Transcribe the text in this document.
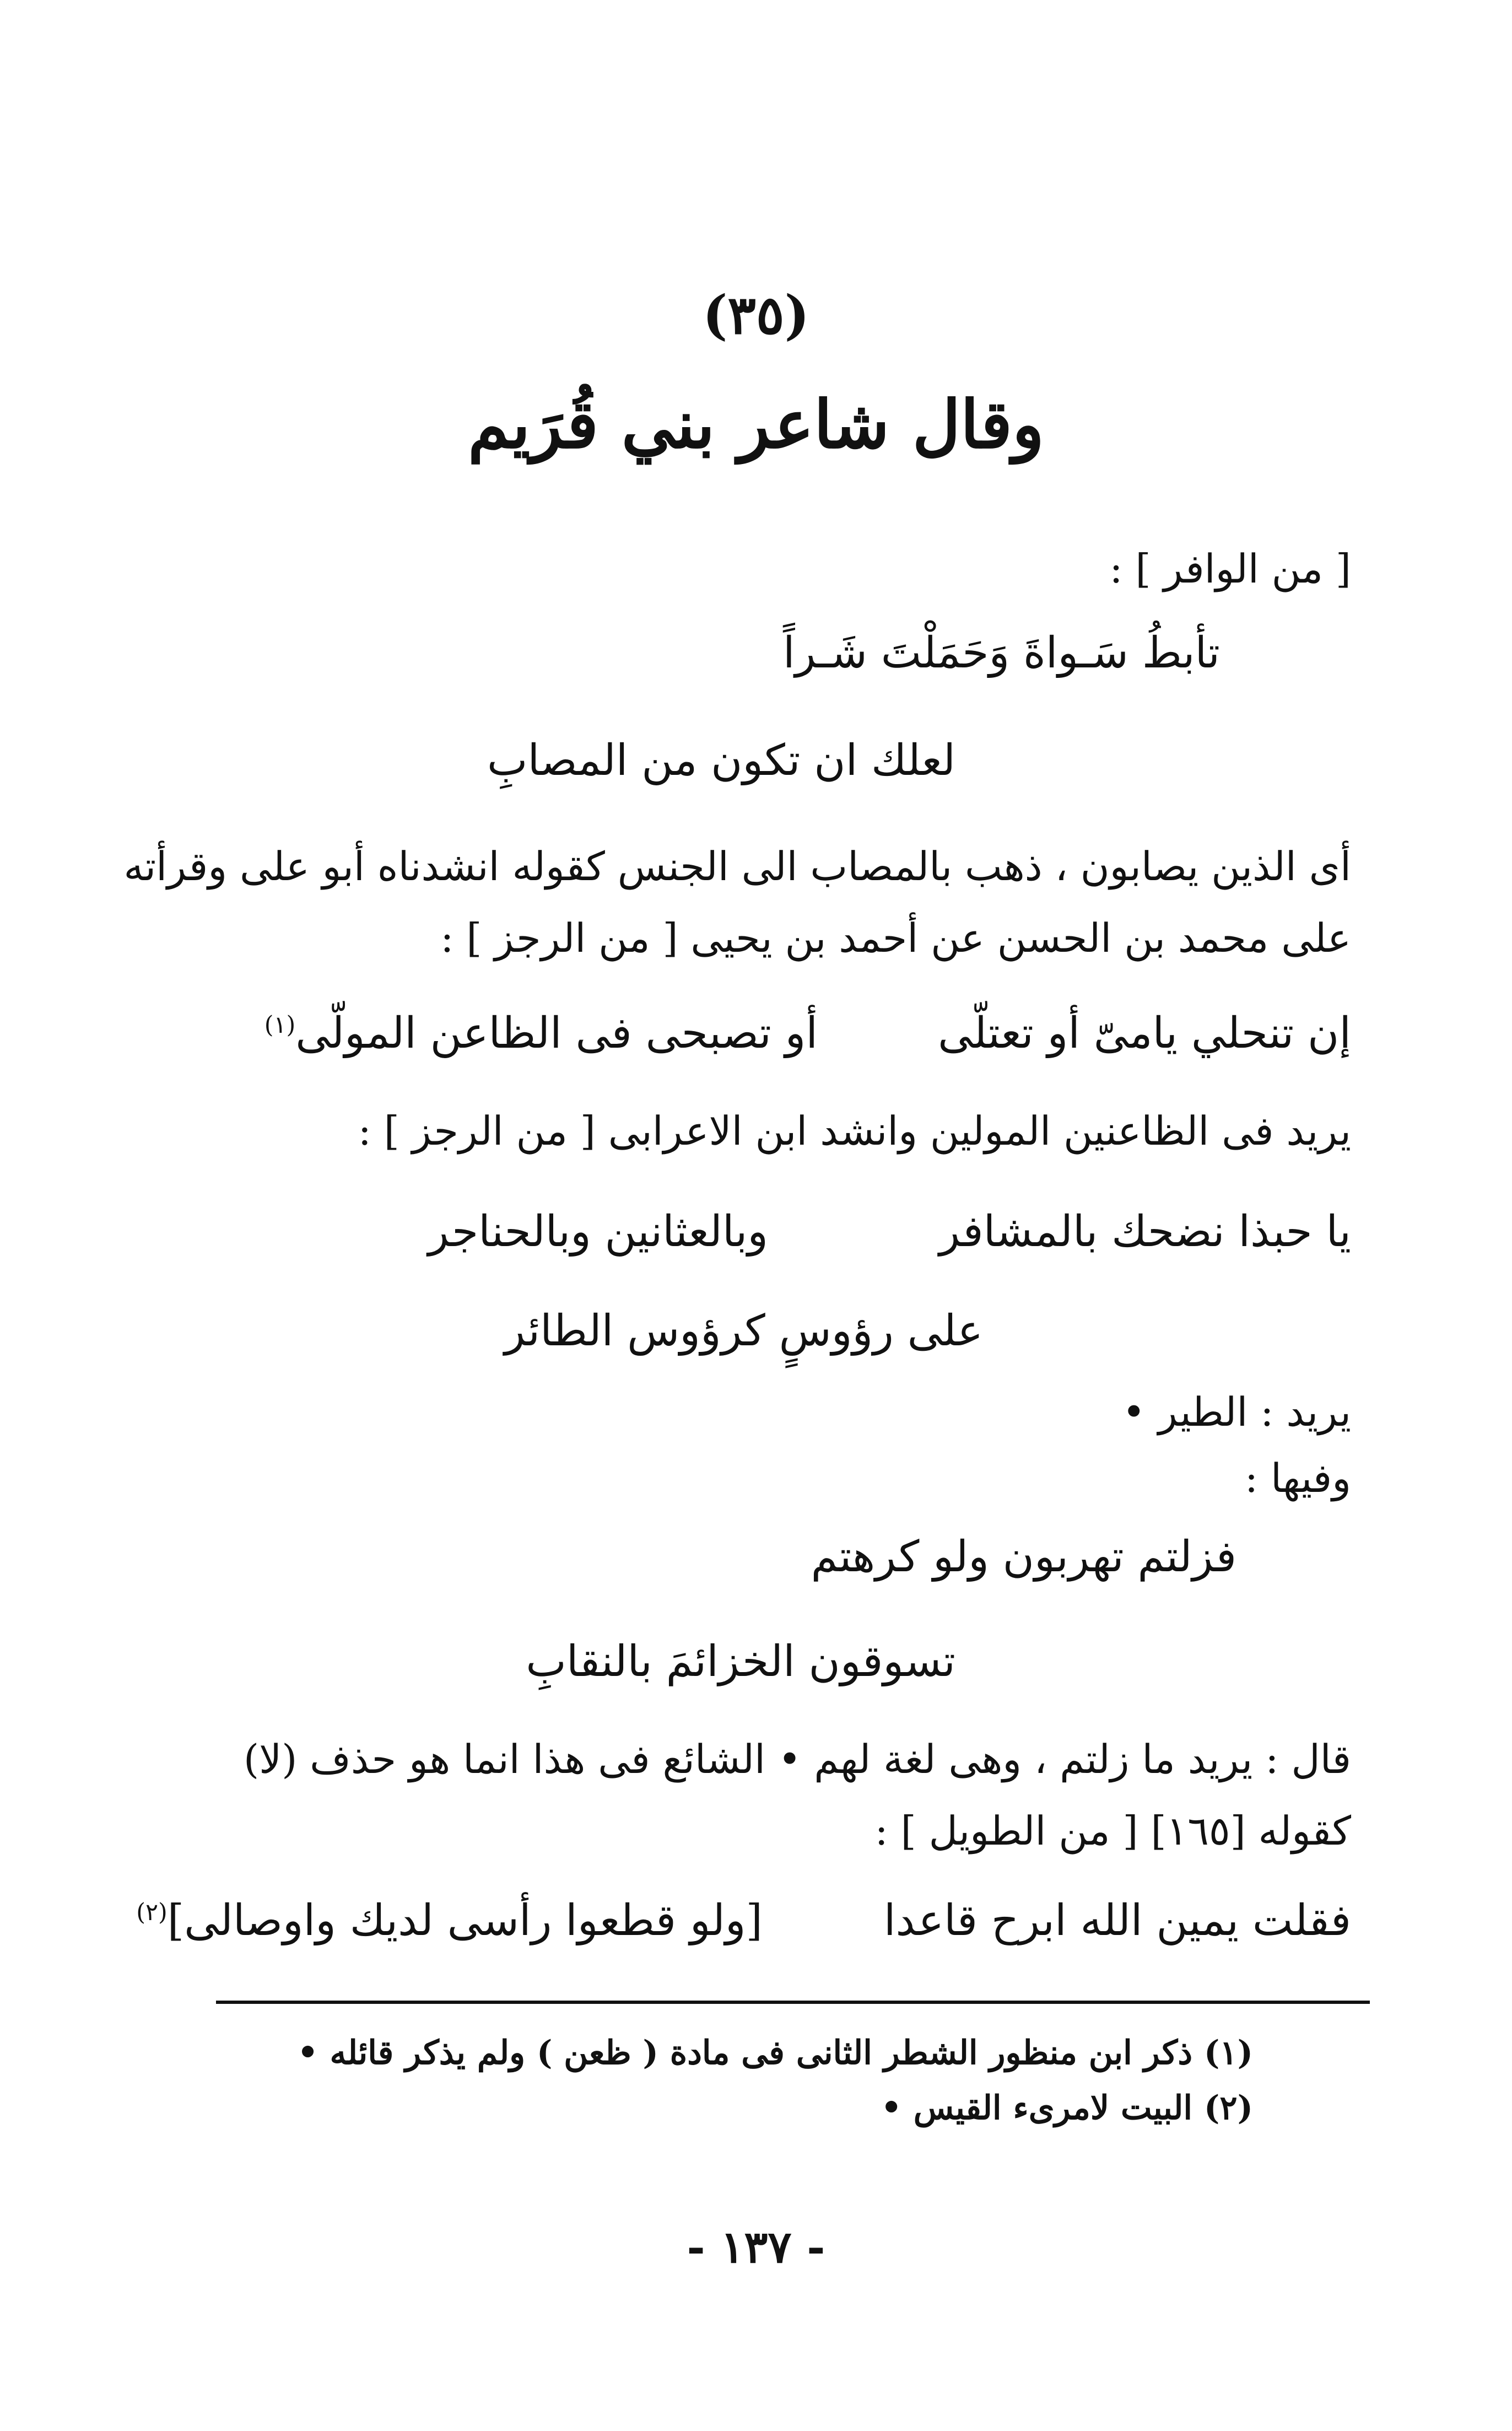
(٣٥)
وقال شاعر بني قُرَيم
[ من الوافر ] :
تأبطُ سَـواةَ وَحَمَلْتَ شَـراً
لعلك ان تكون من المصابِ
أى الذين يصابون ، ذهب بالمصاب الى الجنس كقوله انشدناه أبو على وقرأته
على محمد بن الحسن عن أحمد بن يحيى [ من الرجز ] :
إن تنحلي يامىّ أو تعتلّى
أو تصبحى فى الظاعن المولّى$^{(١)}$
يريد فى الظاعنين المولين وانشد ابن الاعرابى [ من الرجز ] :
يا حبذا نضحك بالمشافر
وبالعثانين وبالحناجر
على رؤوسٍ كرؤوس الطائر
يريد : الطير •
وفيها :
فزلتم تهربون ولو كرهتم
تسوقون الخزائمَ بالنقابِ
قال : يريد ما زلتم ، وهى لغة لهم • الشائع فى هذا انما هو حذف (لا)
كقوله [١٦٥] [ من الطويل ] :
فقلت يمين الله ابرح قاعدا
[ولو قطعوا رأسى لديك واوصالى]$^{(٢)}$
(١) ذكر ابن منظور الشطر الثانى فى مادة ( ظعن ) ولم يذكر قائله •
(٢) البيت لامرىء القيس •
- ١٣٧ -
